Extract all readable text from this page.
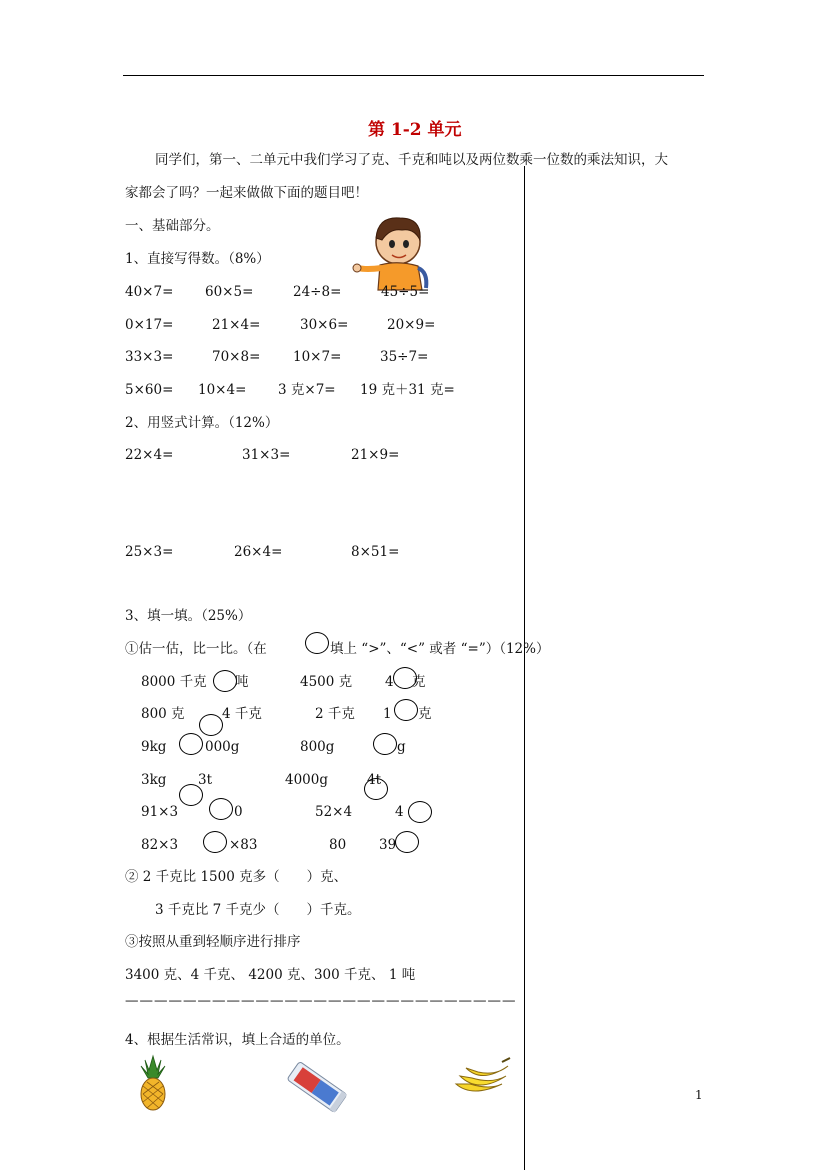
第 1-2 单元
同学们，第一、二单元中我们学习了克、千克和吨以及两位数乘一位数的乘法知识，大
家都会了吗？一起来做做下面的题目吧！
一、基础部分。
1、直接写得数。（8%）
40×7= 60×5=	24÷8=	45÷5=
0×17=	21×4=	30×6=	20×9=
33×3=	70×8= 10×7=	35÷7=
5×60= 10×4= 3 克×7= 19 克＋31 克=
2、用竖式计算。（12%）
22×4=	31×3=	21×9=
25×3=	26×4=	8×51=
3、填一填。（25%）
①估一估，比一比。（在	填上 “>”、“<” 或者 “=”）（12%）
8000 千克 吨	4500 克 4 克
800 克	4 千克	2 千克 1 克
9kg	000g	800g	g
3kg 3t	4000g	4t
91×3	0	52×4	4
82×3	×83	80 39
② 2 千克比 1500 克多（　　）克、
3 千克比 7 千克少（　　）千克。
③按照从重到轻顺序进行排序
3400 克、4 千克、 4200 克、300 千克、 1 吨
———————————————————————————
4、根据生活常识，填上合适的单位。
1
